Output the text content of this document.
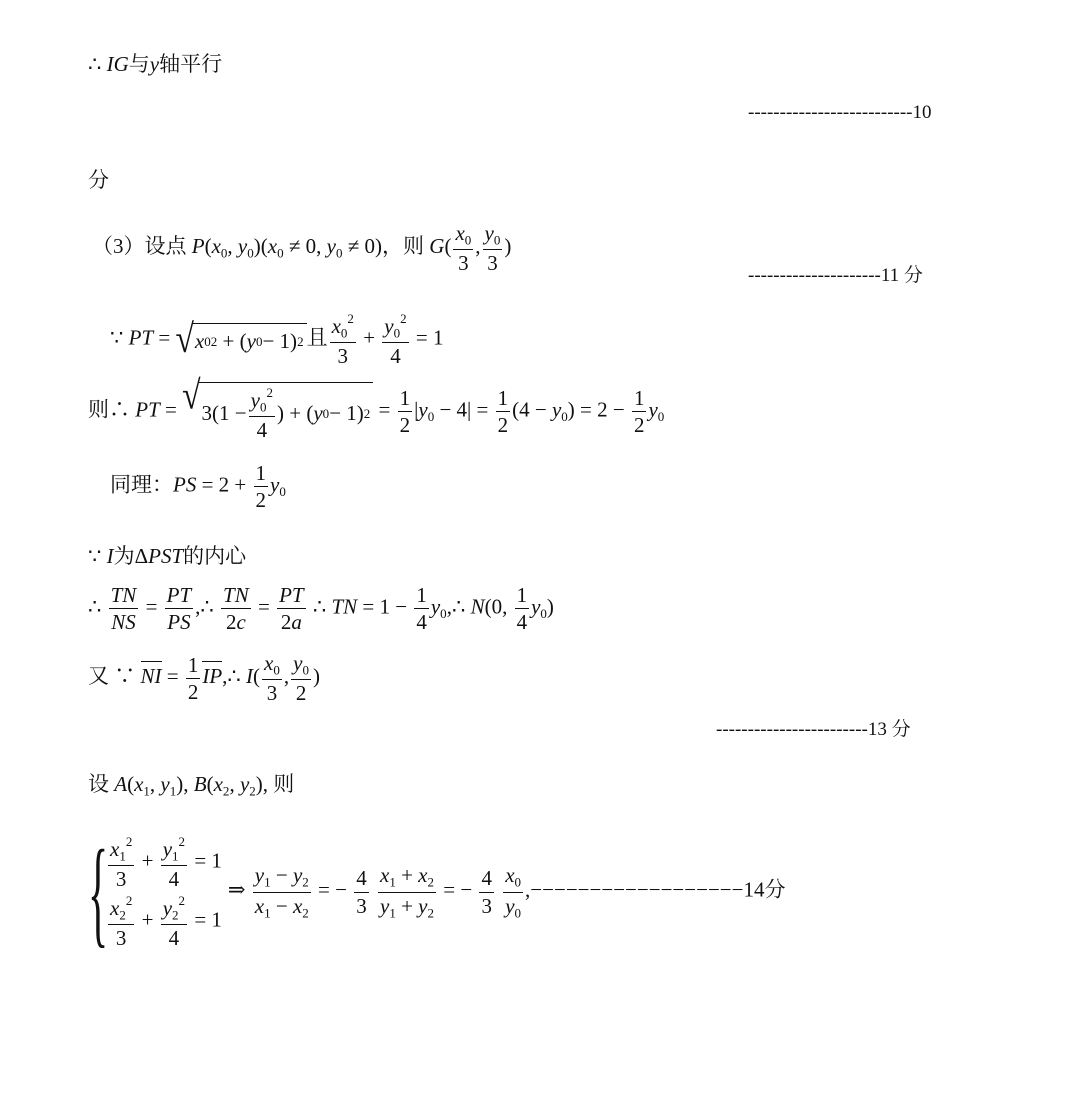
∴ IG与y轴平行
--------------------------10
分
（3）设点 $P(x_0$, $y_0)(x_0 \ne 0$, $y_0 \ne 0$)，则 $G( \frac{x_0}{3}$ , $\frac{y_0}{3}$ )
---------------------11 分
∵ PT = √ x 0 2 + ( y 0 − 1) 2 且 $\frac{x_0^2}{3} + \frac{y_0^2}{4} = 1$
则∴ PT = √ $3(1 - \frac{y_0^2}{4}$ ) + ( y 0 − 1) $2 = \frac{1}{2} |y_0 - 4| = \frac{1}{2} (4 - y_0) = 2 - \frac{1}{2} y_0$
同理：PS = $2 + \frac{1}{2} y_0$
∵ I为ΔPST的内心
∴ $\frac{TN}{NS} = \frac{PT}{PS}$ ,∴ $\frac{TN}{2c} = \frac{PT}{2a}$ ∴ TN = $1 - \frac{1}{4}$ $y_0,\therefore$ N(0, $\frac{1}{4} y_0$)
又 ∵ NI = $\frac{1}{2}$ IP,∴ $I( \frac{x_0}{3}$ , $\frac{y_0}{2}$ )
------------------------13 分
设 $A(x_1$, $y_1$), $B(x_2$, $y_2$), 则
{ $\frac{x_1^2}{3} + \frac{y_1^2}{4} = 1$
$\frac{x_2^2}{3} + \frac{y_2^2}{4} = 1$
⇒ $\frac{y_1 - y_2}{x_1 - x_2}$ = − $\frac{4}{3}$
$\frac{x_1 + x_2}{y_1 + y_2}$ = − $\frac{4}{3}$
$\frac{x_0}{y_0} ,------------------14$分
